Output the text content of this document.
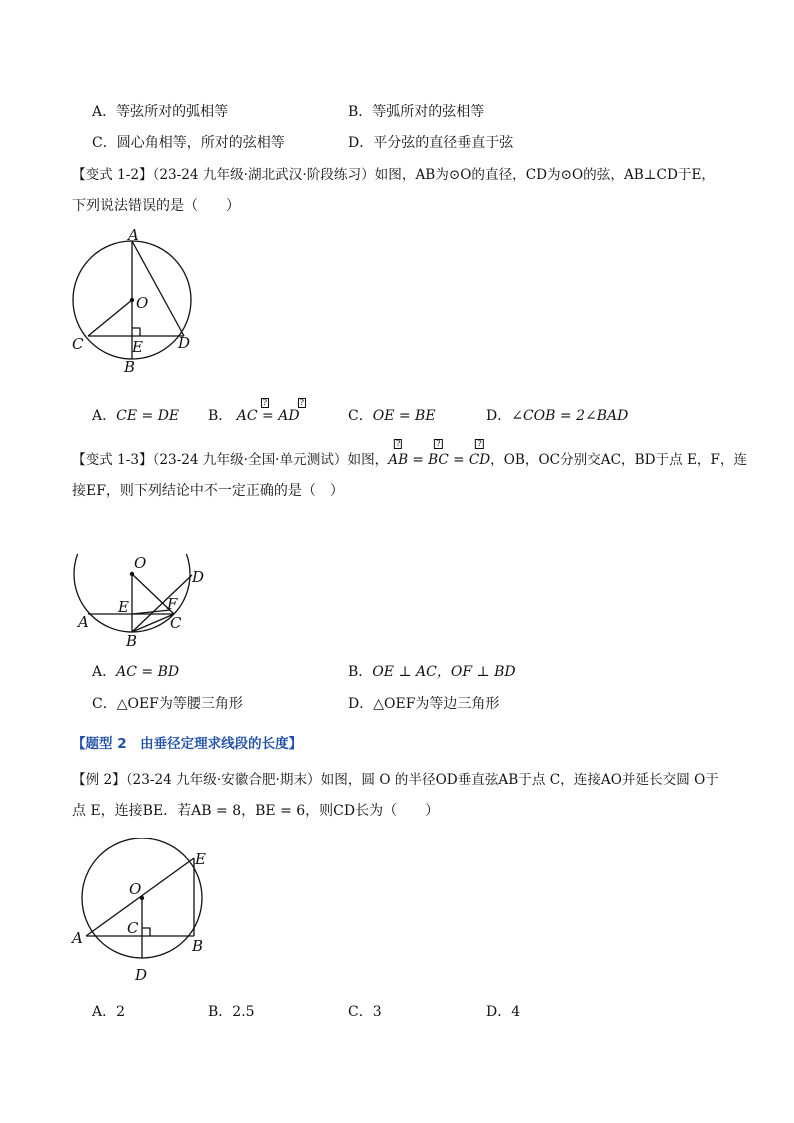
A．等弦所对的弧相等	B．等弧所对的弦相等
C．圆心角相等，所对的弦相等	D．平分弦的直径垂直于弦
【变式 1-2】（23-24 九年级·湖北武汉·阶段练习）如图，AB为⊙O的直径，CD为⊙O的弦，AB⊥CD于E，
下列说法错误的是（　　）
A
O
C	E D
B
A．CE = DE B．
?	?
AC = AD	C．OE = BE	D．∠COB = 2∠BAD
【变式 1-3】（23-24 九年级·全国·单元测试）如图，
?
AB =
?
BC =
?
CD，OB，OC分别交AC，BD于点 E，F，连
接EF，则下列结论中不一定正确的是（　）
O
D
E	F
A	C
B
A．AC = BD	B．OE ⊥ AC，OF ⊥ BD
C．△OEF为等腰三角形	D．△OEF为等边三角形
【题型 2　由垂径定理求线段的长度】
【例 2】（23-24 九年级·安徽合肥·期末）如图，圆 O 的半径OD垂直弦AB于点 C，连接AO并延长交圆 O于
点 E，连接BE．若AB = 8，BE = 6，则CD长为（　　）
E
O
C
A	B
D
A．2	B．2.5	C．3	D．4
